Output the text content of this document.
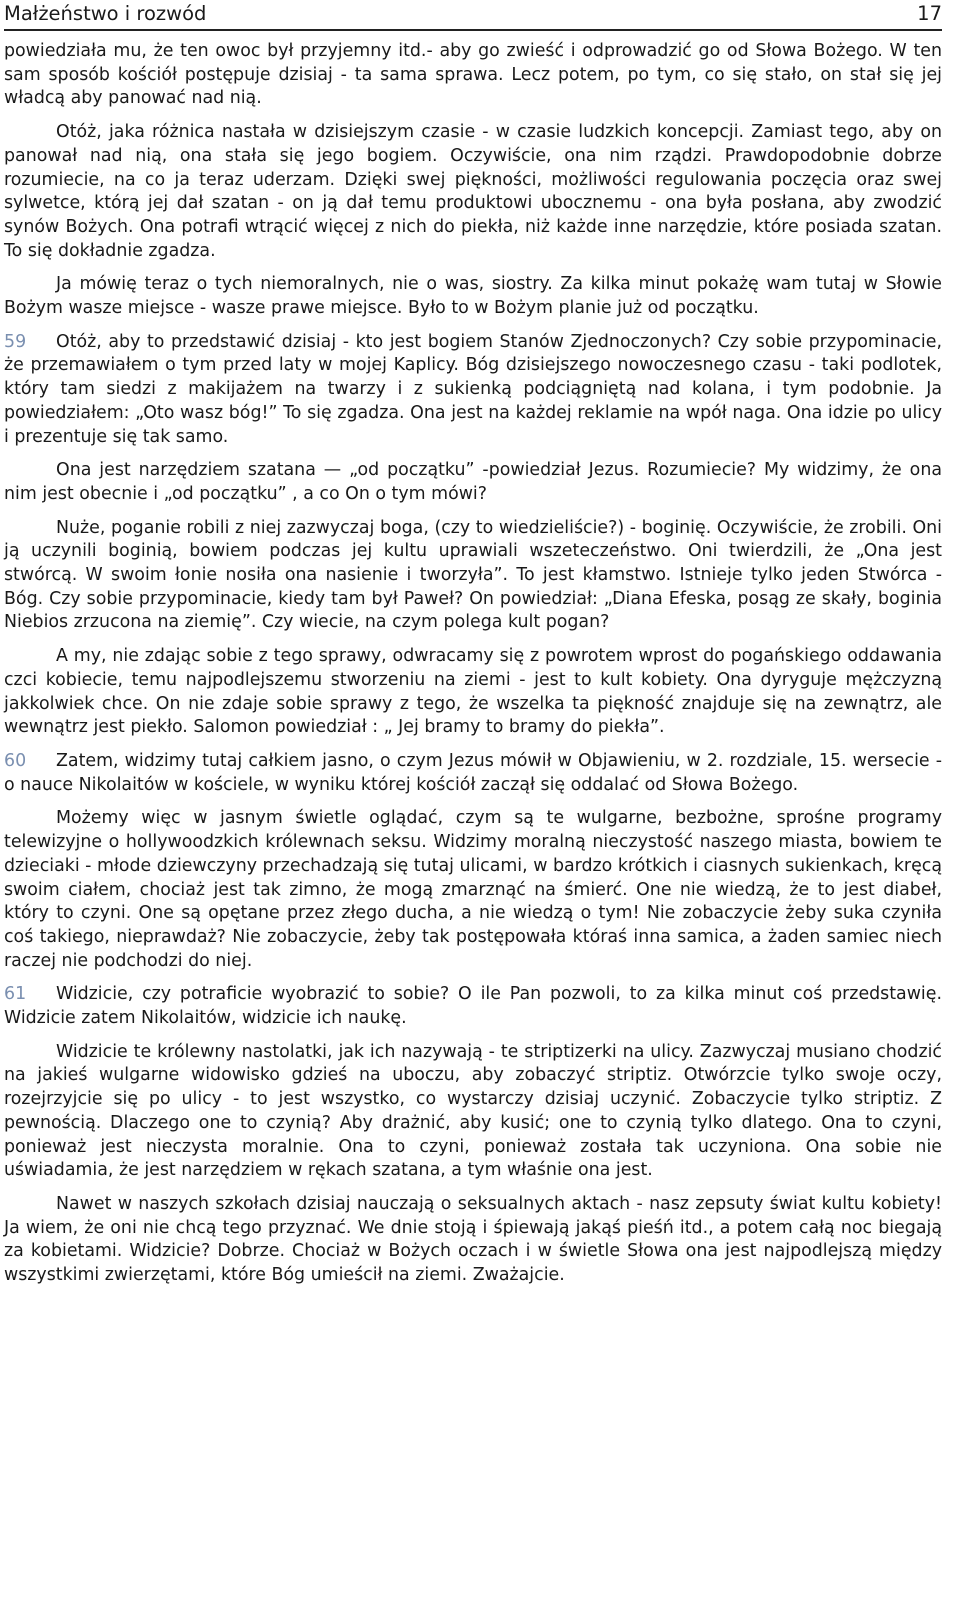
Małżeństwo i rozwód	17

powiedziała mu, że ten owoc był przyjemny itd.- aby go zwieść i odprowadzić go od Słowa Bożego. W ten sam sposób kościół postępuje dzisiaj - ta sama sprawa. Lecz potem, po tym, co się stało, on stał się jej władcą aby panować nad nią.

Otóż, jaka różnica nastała w dzisiejszym czasie - w czasie ludzkich koncepcji. Zamiast tego, aby on panował nad nią, ona stała się jego bogiem. Oczywiście, ona nim rządzi. Prawdopodobnie dobrze rozumiecie, na co ja teraz uderzam. Dzięki swej piękności, możliwości regulowania poczęcia oraz swej sylwetce, którą jej dał szatan - on ją dał temu produktowi ubocznemu - ona była posłana, aby zwodzić synów Bożych. Ona potrafi wtrącić więcej z nich do piekła, niż każde inne narzędzie, które posiada szatan. To się dokładnie zgadza.

Ja mówię teraz o tych niemoralnych, nie o was, siostry. Za kilka minut pokażę wam tutaj w Słowie Bożym wasze miejsce - wasze prawe miejsce. Było to w Bożym planie już od początku.

59 Otóż, aby to przedstawić dzisiaj - kto jest bogiem Stanów Zjednoczonych? Czy sobie przypominacie, że przemawiałem o tym przed laty w mojej Kaplicy. Bóg dzisiejszego nowoczesnego czasu - taki podlotek, który tam siedzi z makijażem na twarzy i z sukienką podciągniętą nad kolana, i tym podobnie. Ja powiedziałem: „Oto wasz bóg!” To się zgadza. Ona jest na każdej reklamie na wpół naga. Ona idzie po ulicy i prezentuje się tak samo.

Ona jest narzędziem szatana — „od początku” -powiedział Jezus. Rozumiecie? My widzimy, że ona nim jest obecnie i „od początku” , a co On o tym mówi?

Nuże, poganie robili z niej zazwyczaj boga, (czy to wiedzieliście?) - boginię. Oczywiście, że zrobili. Oni ją uczynili boginią, bowiem podczas jej kultu uprawiali wszeteczeństwo. Oni twierdzili, że „Ona jest stwórcą. W swoim łonie nosiła ona nasienie i tworzyła”. To jest kłamstwo. Istnieje tylko jeden Stwórca - Bóg. Czy sobie przypominacie, kiedy tam był Paweł? On powiedział: „Diana Efeska, posąg ze skały, boginia Niebios zrzucona na ziemię”. Czy wiecie, na czym polega kult pogan?

A my, nie zdając sobie z tego sprawy, odwracamy się z powrotem wprost do pogańskiego oddawania czci kobiecie, temu najpodlejszemu stworzeniu na ziemi - jest to kult kobiety. Ona dyryguje mężczyzną jakkolwiek chce. On nie zdaje sobie sprawy z tego, że wszelka ta piękność znajduje się na zewnątrz, ale wewnątrz jest piekło. Salomon powiedział : „ Jej bramy to bramy do piekła”.

60 Zatem, widzimy tutaj całkiem jasno, o czym Jezus mówił w Objawieniu, w 2. rozdziale, 15. wersecie - o nauce Nikolaitów w kościele, w wyniku której kościół zaczął się oddalać od Słowa Bożego.

Możemy więc w jasnym świetle oglądać, czym są te wulgarne, bezbożne, sprośne programy telewizyjne o hollywoodzkich królewnach seksu. Widzimy moralną nieczystość naszego miasta, bowiem te dzieciaki - młode dziewczyny przechadzają się tutaj ulicami, w bardzo krótkich i ciasnych sukienkach, kręcą swoim ciałem, chociaż jest tak zimno, że mogą zmarznąć na śmierć. One nie wiedzą, że to jest diabeł, który to czyni. One są opętane przez złego ducha, a nie wiedzą o tym! Nie zobaczycie żeby suka czyniła coś takiego, nieprawdaż? Nie zobaczycie, żeby tak postępowała któraś inna samica, a żaden samiec niech raczej nie podchodzi do niej.

61 Widzicie, czy potraficie wyobrazić to sobie? O ile Pan pozwoli, to za kilka minut coś przedstawię. Widzicie zatem Nikolaitów, widzicie ich naukę.

Widzicie te królewny nastolatki, jak ich nazywają - te striptizerki na ulicy. Zazwyczaj musiano chodzić na jakieś wulgarne widowisko gdzieś na uboczu, aby zobaczyć striptiz. Otwórzcie tylko swoje oczy, rozejrzyjcie się po ulicy - to jest wszystko, co wystarczy dzisiaj uczynić. Zobaczycie tylko striptiz. Z pewnością. Dlaczego one to czynią? Aby drażnić, aby kusić; one to czynią tylko dlatego. Ona to czyni, ponieważ jest nieczysta moralnie. Ona to czyni, ponieważ została tak uczyniona. Ona sobie nie uświadamia, że jest narzędziem w rękach szatana, a tym właśnie ona jest.

Nawet w naszych szkołach dzisiaj nauczają o seksualnych aktach - nasz zepsuty świat kultu kobiety! Ja wiem, że oni nie chcą tego przyznać. We dnie stoją i śpiewają jakąś pieśń itd., a potem całą noc biegają za kobietami. Widzicie? Dobrze. Chociaż w Bożych oczach i w świetle Słowa ona jest najpodlejszą między wszystkimi zwierzętami, które Bóg umieścił na ziemi. Zważajcie.
